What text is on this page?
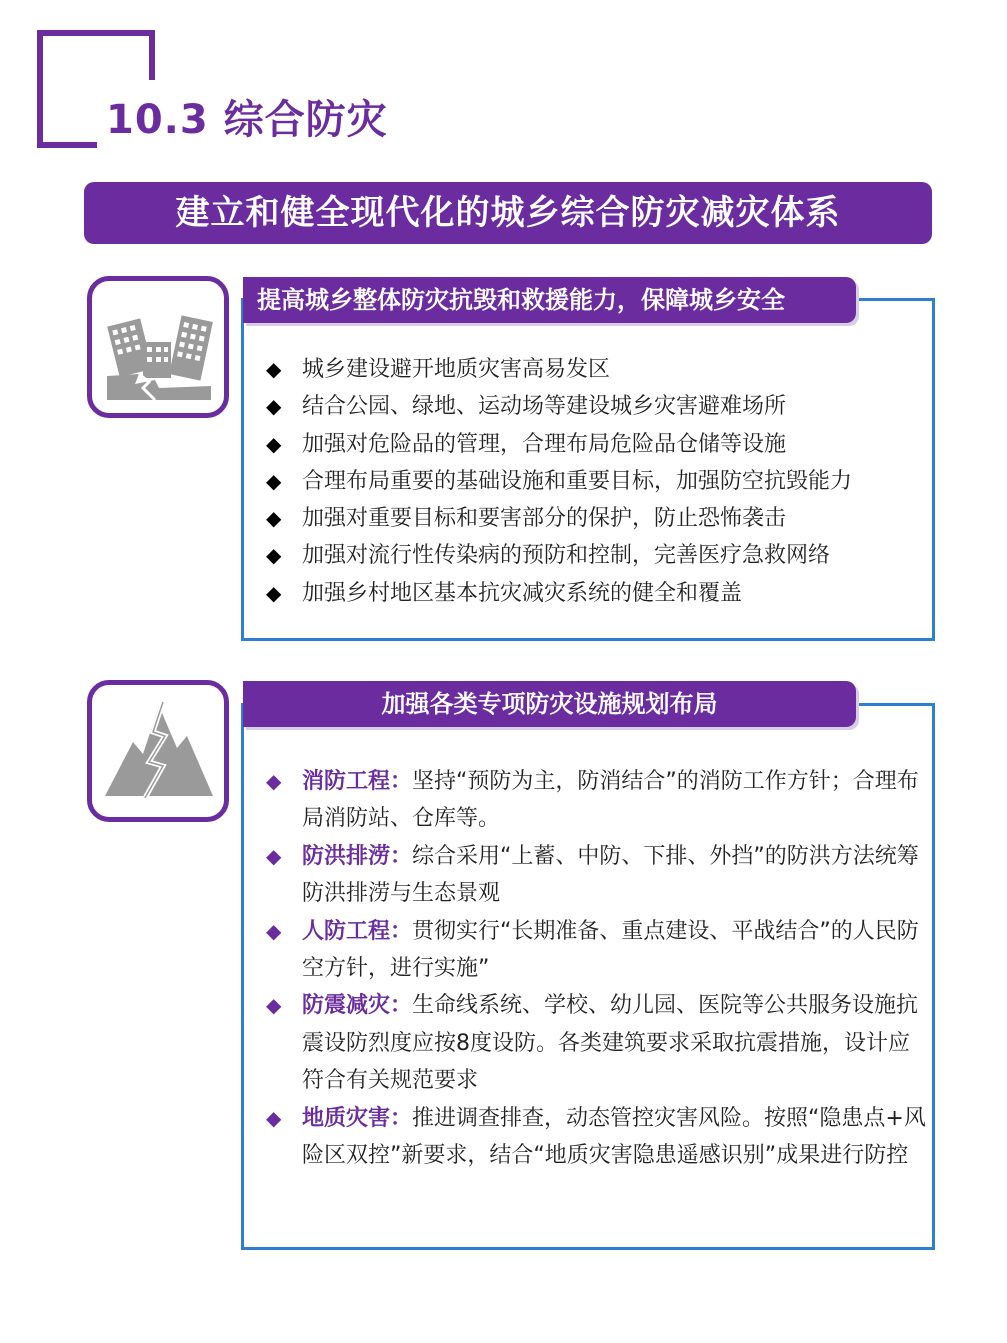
10.3 综合防灾
建立和健全现代化的城乡综合防灾减灾体系
提高城乡整体防灾抗毁和救援能力，保障城乡安全
◆ 城乡建设避开地质灾害高易发区
◆ 结合公园、绿地、运动场等建设城乡灾害避难场所
◆ 加强对危险品的管理，合理布局危险品仓储等设施
◆ 合理布局重要的基础设施和重要目标，加强防空抗毁能力
◆ 加强对重要目标和要害部分的保护，防止恐怖袭击
◆ 加强对流行性传染病的预防和控制，完善医疗急救网络
◆ 加强乡村地区基本抗灾减灾系统的健全和覆盖
加强各类专项防灾设施规划布局
◆ 消防工程：坚持“预防为主，防消结合”的消防工作方针；合理布局消防站、仓库等。
◆ 防洪排涝：综合采用“上蓄、中防、下排、外挡”的防洪方法统筹防洪排涝与生态景观
◆ 人防工程：贯彻实行“长期准备、重点建设、平战结合”的人民防空方针，进行实施”
◆ 防震减灾：生命线系统、学校、幼儿园、医院等公共服务设施抗震设防烈度应按8度设防。各类建筑要求采取抗震措施，设计应符合有关规范要求
◆ 地质灾害：推进调查排查，动态管控灾害风险。按照“隐患点+风险区双控”新要求，结合“地质灾害隐患遥感识别”成果进行防控
